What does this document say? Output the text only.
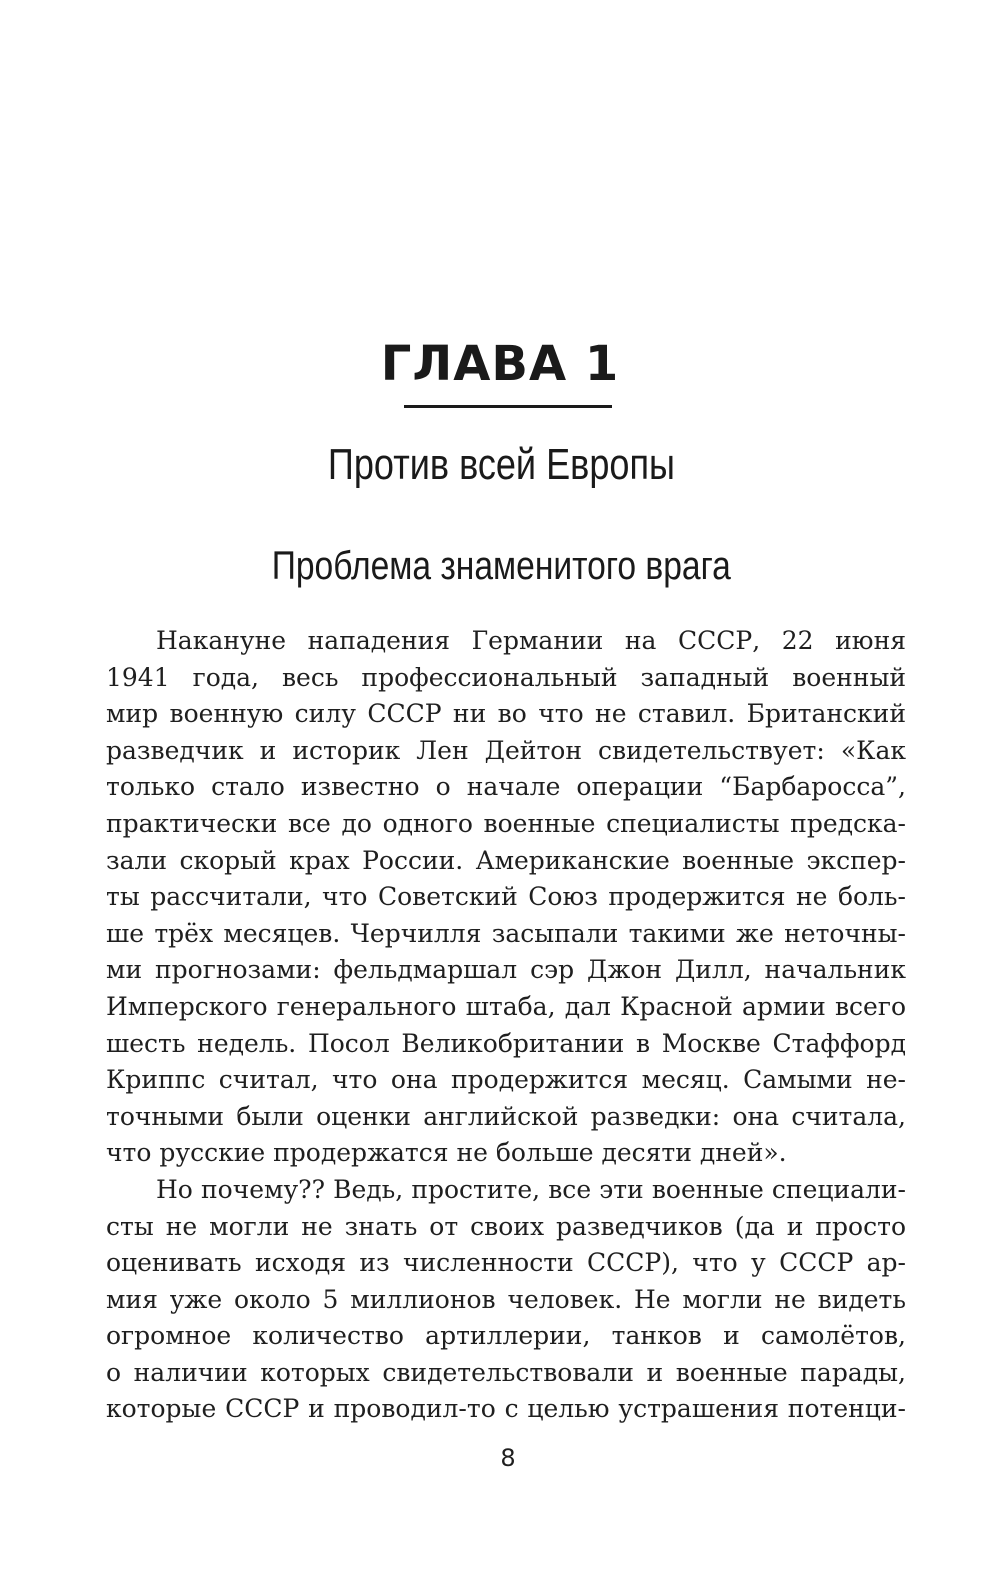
ГЛАВА 1
Против всей Европы
Проблема знаменитого врага
Накануне нападения Германии на СССР, 22 июня
1941 года, весь профессиональный западный военный
мир военную силу СССР ни во что не ставил. Британский
разведчик и историк Лен Дейтон свидетельствует: «Как
только стало известно о начале операции “Барбаросса”,
практически все до одного военные специалисты предска-
зали скорый крах России. Американские военные экспер-
ты рассчитали, что Советский Союз продержится не боль-
ше трёх месяцев. Черчилля засыпали такими же неточны-
ми прогнозами: фельдмаршал сэр Джон Дилл, начальник
Имперского генерального штаба, дал Красной армии всего
шесть недель. Посол Великобритании в Москве Стаффорд
Криппс считал, что она продержится месяц. Самыми не-
точными были оценки английской разведки: она считала,
что русские продержатся не больше десяти дней».
Но почему?? Ведь, простите, все эти военные специали-
сты не могли не знать от своих разведчиков (да и просто
оценивать исходя из численности СССР), что у СССР ар-
мия уже около 5 миллионов человек. Не могли не видеть
огромное количество артиллерии, танков и самолётов,
о наличии которых свидетельствовали и военные парады,
которые СССР и проводил-то с целью устрашения потенци-
8
